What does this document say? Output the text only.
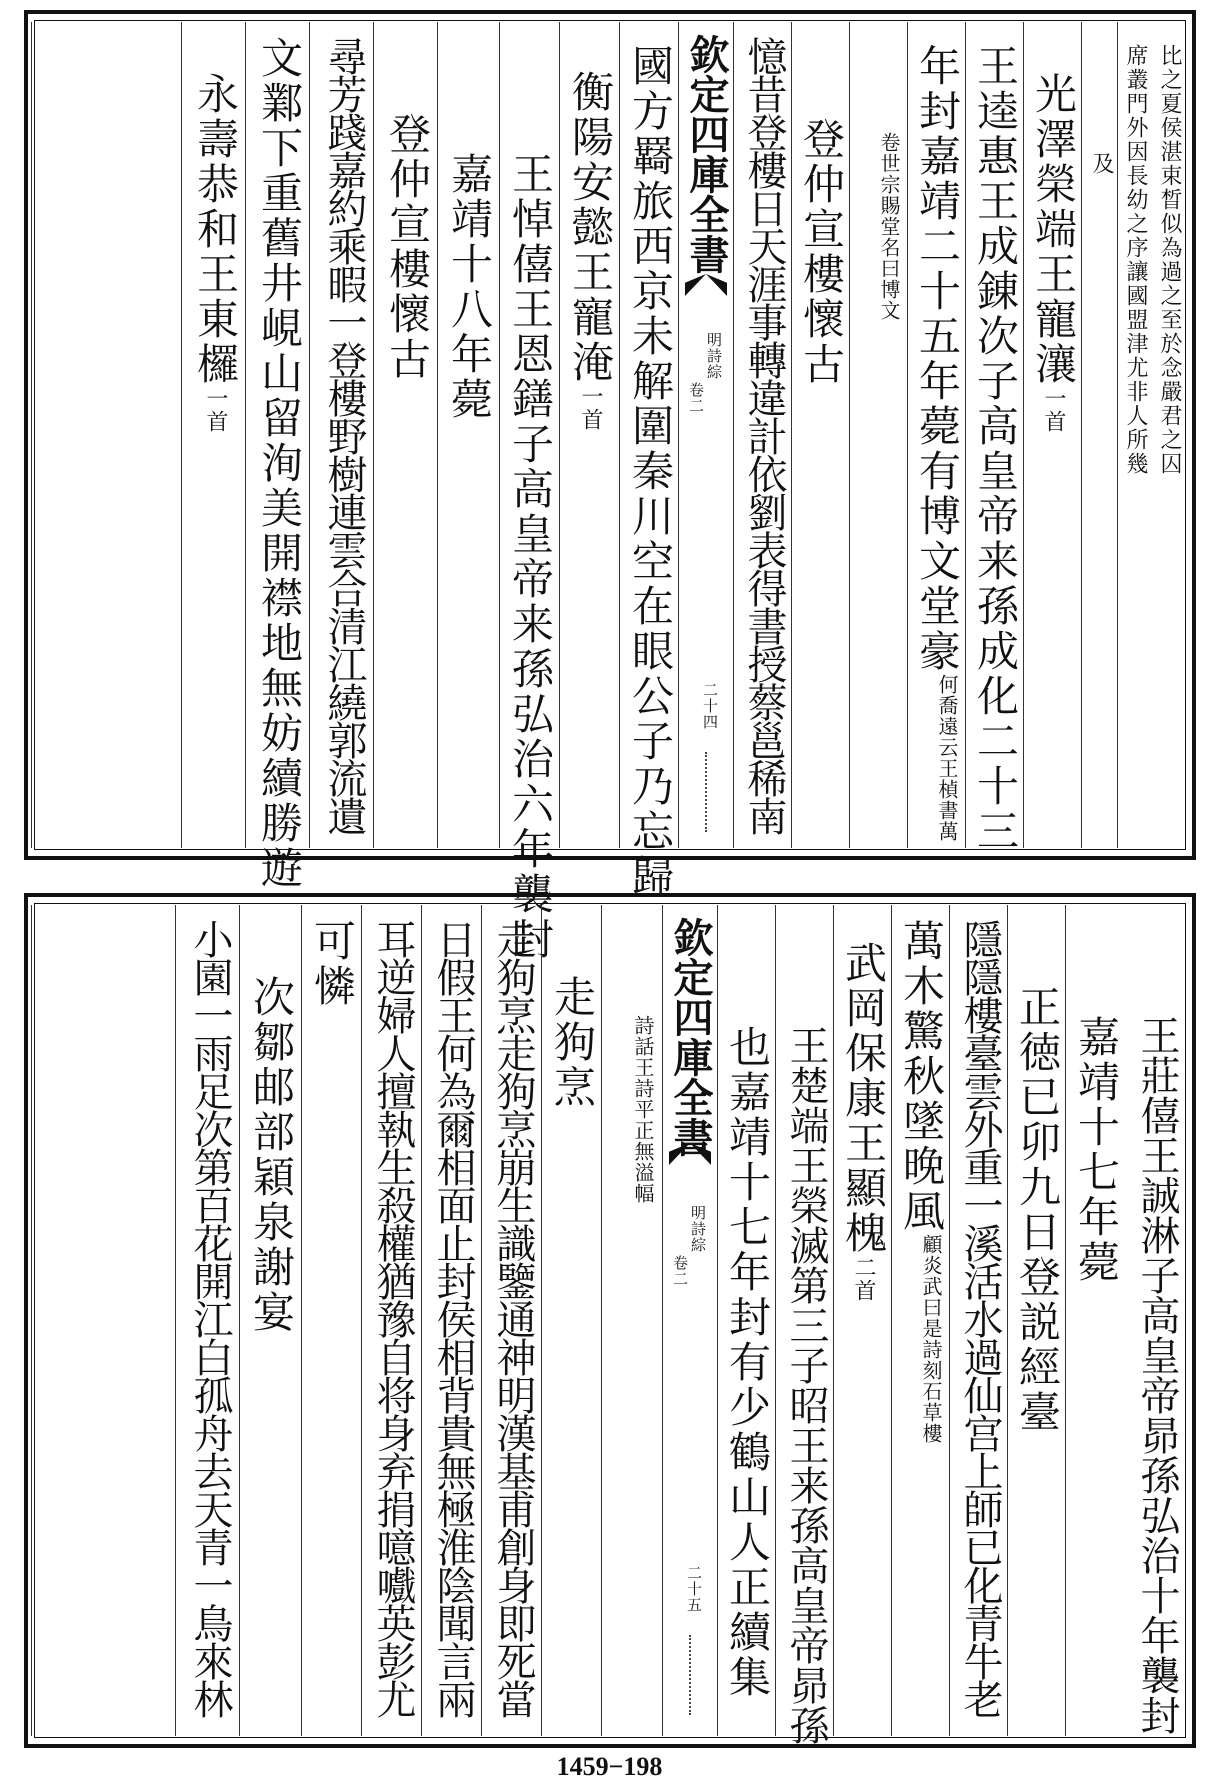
比之夏侯湛束晳似為過之至於念嚴君之囚
席叢門外因長幼之序讓國盟津尤非人所幾
及
光澤榮端王寵瀼一首
王逵惠王成錬次子高皇帝来孫成化二十三
年封嘉靖二十五年薨有博文堂豪何喬遠云王楨書萬
卷世宗賜堂名曰博文
登仲宣樓懷古
憶昔登樓日天涯事轉違計依劉表得書授蔡邕稀南
欽定四庫全書
明詩綜
卷二
二十四
國方羇旅西京未解圍秦川空在眼公子乃忘歸
衡陽安懿王寵淹一首
王悼僖王恩鐥子高皇帝来孫弘治六年襲封
嘉靖十八年薨
登仲宣樓懷古
尋芳踐嘉約乘暇一登樓野樹連雲合清江繞郭流遺
文鄴下重舊井峴山留洵美開襟地無妨續勝遊
永壽恭和王東欏一首
王莊僖王誠淋子高皇帝昴孫弘治十年襲封
嘉靖十七年薨
正徳已卯九日登説經臺
隱隱樓臺雲外重一溪活水過仙宫上師已化青牛老
萬木驚秋墜晚風顧炎武曰是詩刻石草樓
武岡保康王顯槐二首
王楚端王榮滅第三子昭王来孫高皇帝昴孫
也嘉靖十七年封有少鶴山人正續集
欽定四庫全書
明詩綜
卷二
二十五
詩話王詩平正無溢幅
走狗烹
走狗烹走狗烹崩生識鑒通神明漢基甫創身即死當
日假王何為爾相面止封侯相背貴無極淮陰聞言兩
耳逆婦人擅執生殺權猶豫自将身弃捐噫嚱英彭尤
可憐
次鄒邮部穎泉謝宴
小園一雨足次第百花開江白孤舟去天青一鳥來林
1459−198
